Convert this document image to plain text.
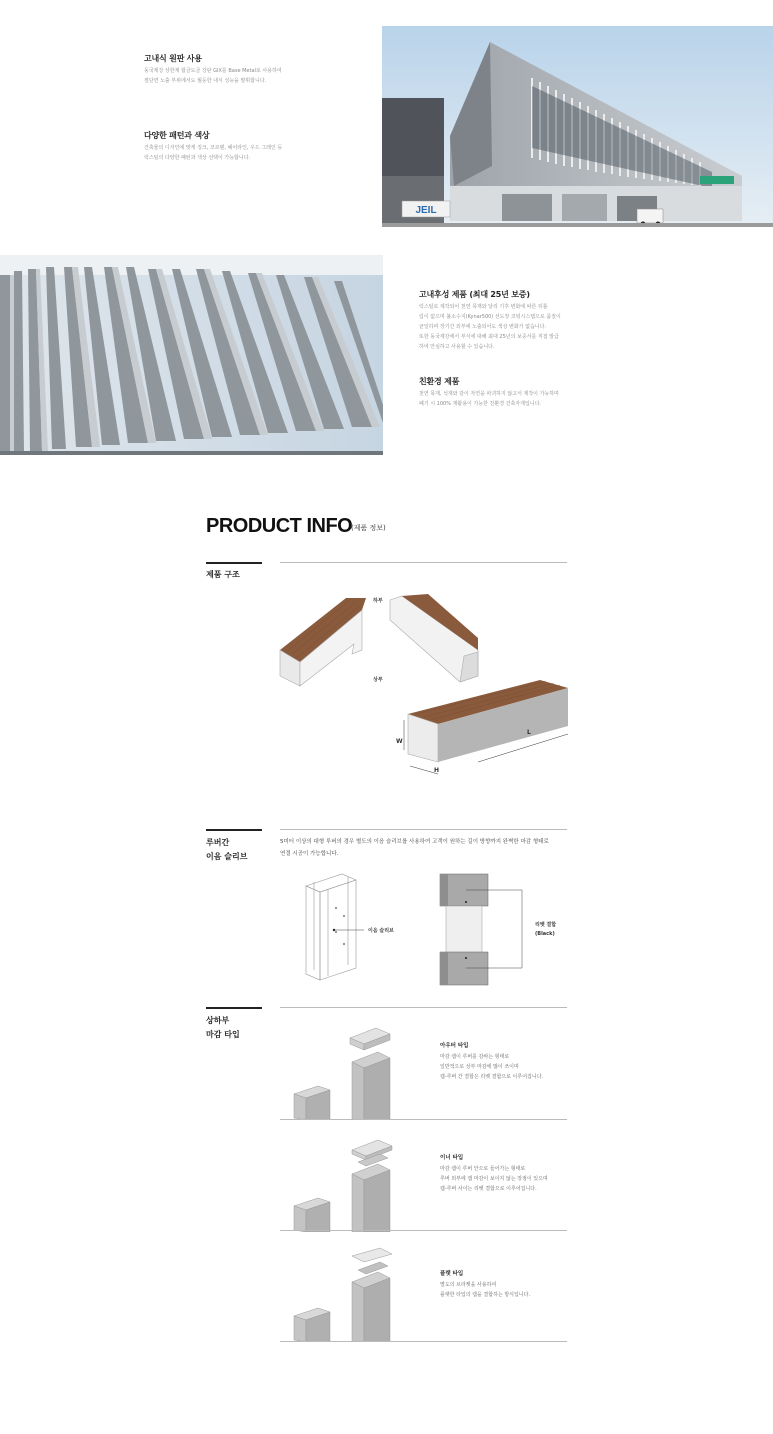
고내식 원판 사용
동국제강 상한계 합금도금 강판 GIX를 Base Metal로 사용하여
절단면 노출 부위에서도 월등한 내식 성능을 발휘합니다.
다양한 패턴과 색상
건축물의 디자인에 맞게 징크, 코르텐, 헤어라인, 우드 그레인 등
럭스틸의 다양한 패턴과 색상 선택이 가능합니다.
JEIL
고내후성 제품 (최대 25년 보증)
럭스틸로 제작되어 천연 목재와 달리 기후 변화에 따른 뒤틀
림이 없으며 불소수지(Kynar500) 선도장 코팅시스템으로 품질이
균일하며 장기간 외부에 노출되어도 색상 변화가 없습니다.
또한 동국제강에서 부식에 대해 최대 25년의 보증서를 직접 발급
하여 안심하고 사용할 수 있습니다.
친환경 제품
천연 목재, 석재와 같이 자연을 파괴하지 않고서 제작이 가능하며
폐기 시 100% 재활용이 가능한 친환경 건축자재입니다.
PRODUCT INFO
(제품 정보)
제품 구조
하부
상부
W
H
L
루버간
이음 슬리브
5미터 이상의 대형 루버의 경우 별도의 이음 슬리브를 사용하여 고객이 원하는 길이 방향까지 완벽한 마감 형태로
연결 시공이 가능합니다.
이음 슬리브
리벳 결합
(Black)
상하부
마감 타입
아우터 타입
마감 캡이 루버를 감싸는 형태로
일반적으로 상부 마감에 많이 쓰이며
캡-루버 간 결합은 리벳 결합으로 이루어집니다.
이너 타입
마감 캡이 루버 안으로 들어가는 형태로
루버 외부에 캡 마감이 보이지 않는 장점이 있으며
캡-루버 사이는 리벳 결합으로 이루어집니다.
플랫 타입
별도의 브라켓을 사용하여
플랫한 타입의 캡을 결합하는 방식입니다.
